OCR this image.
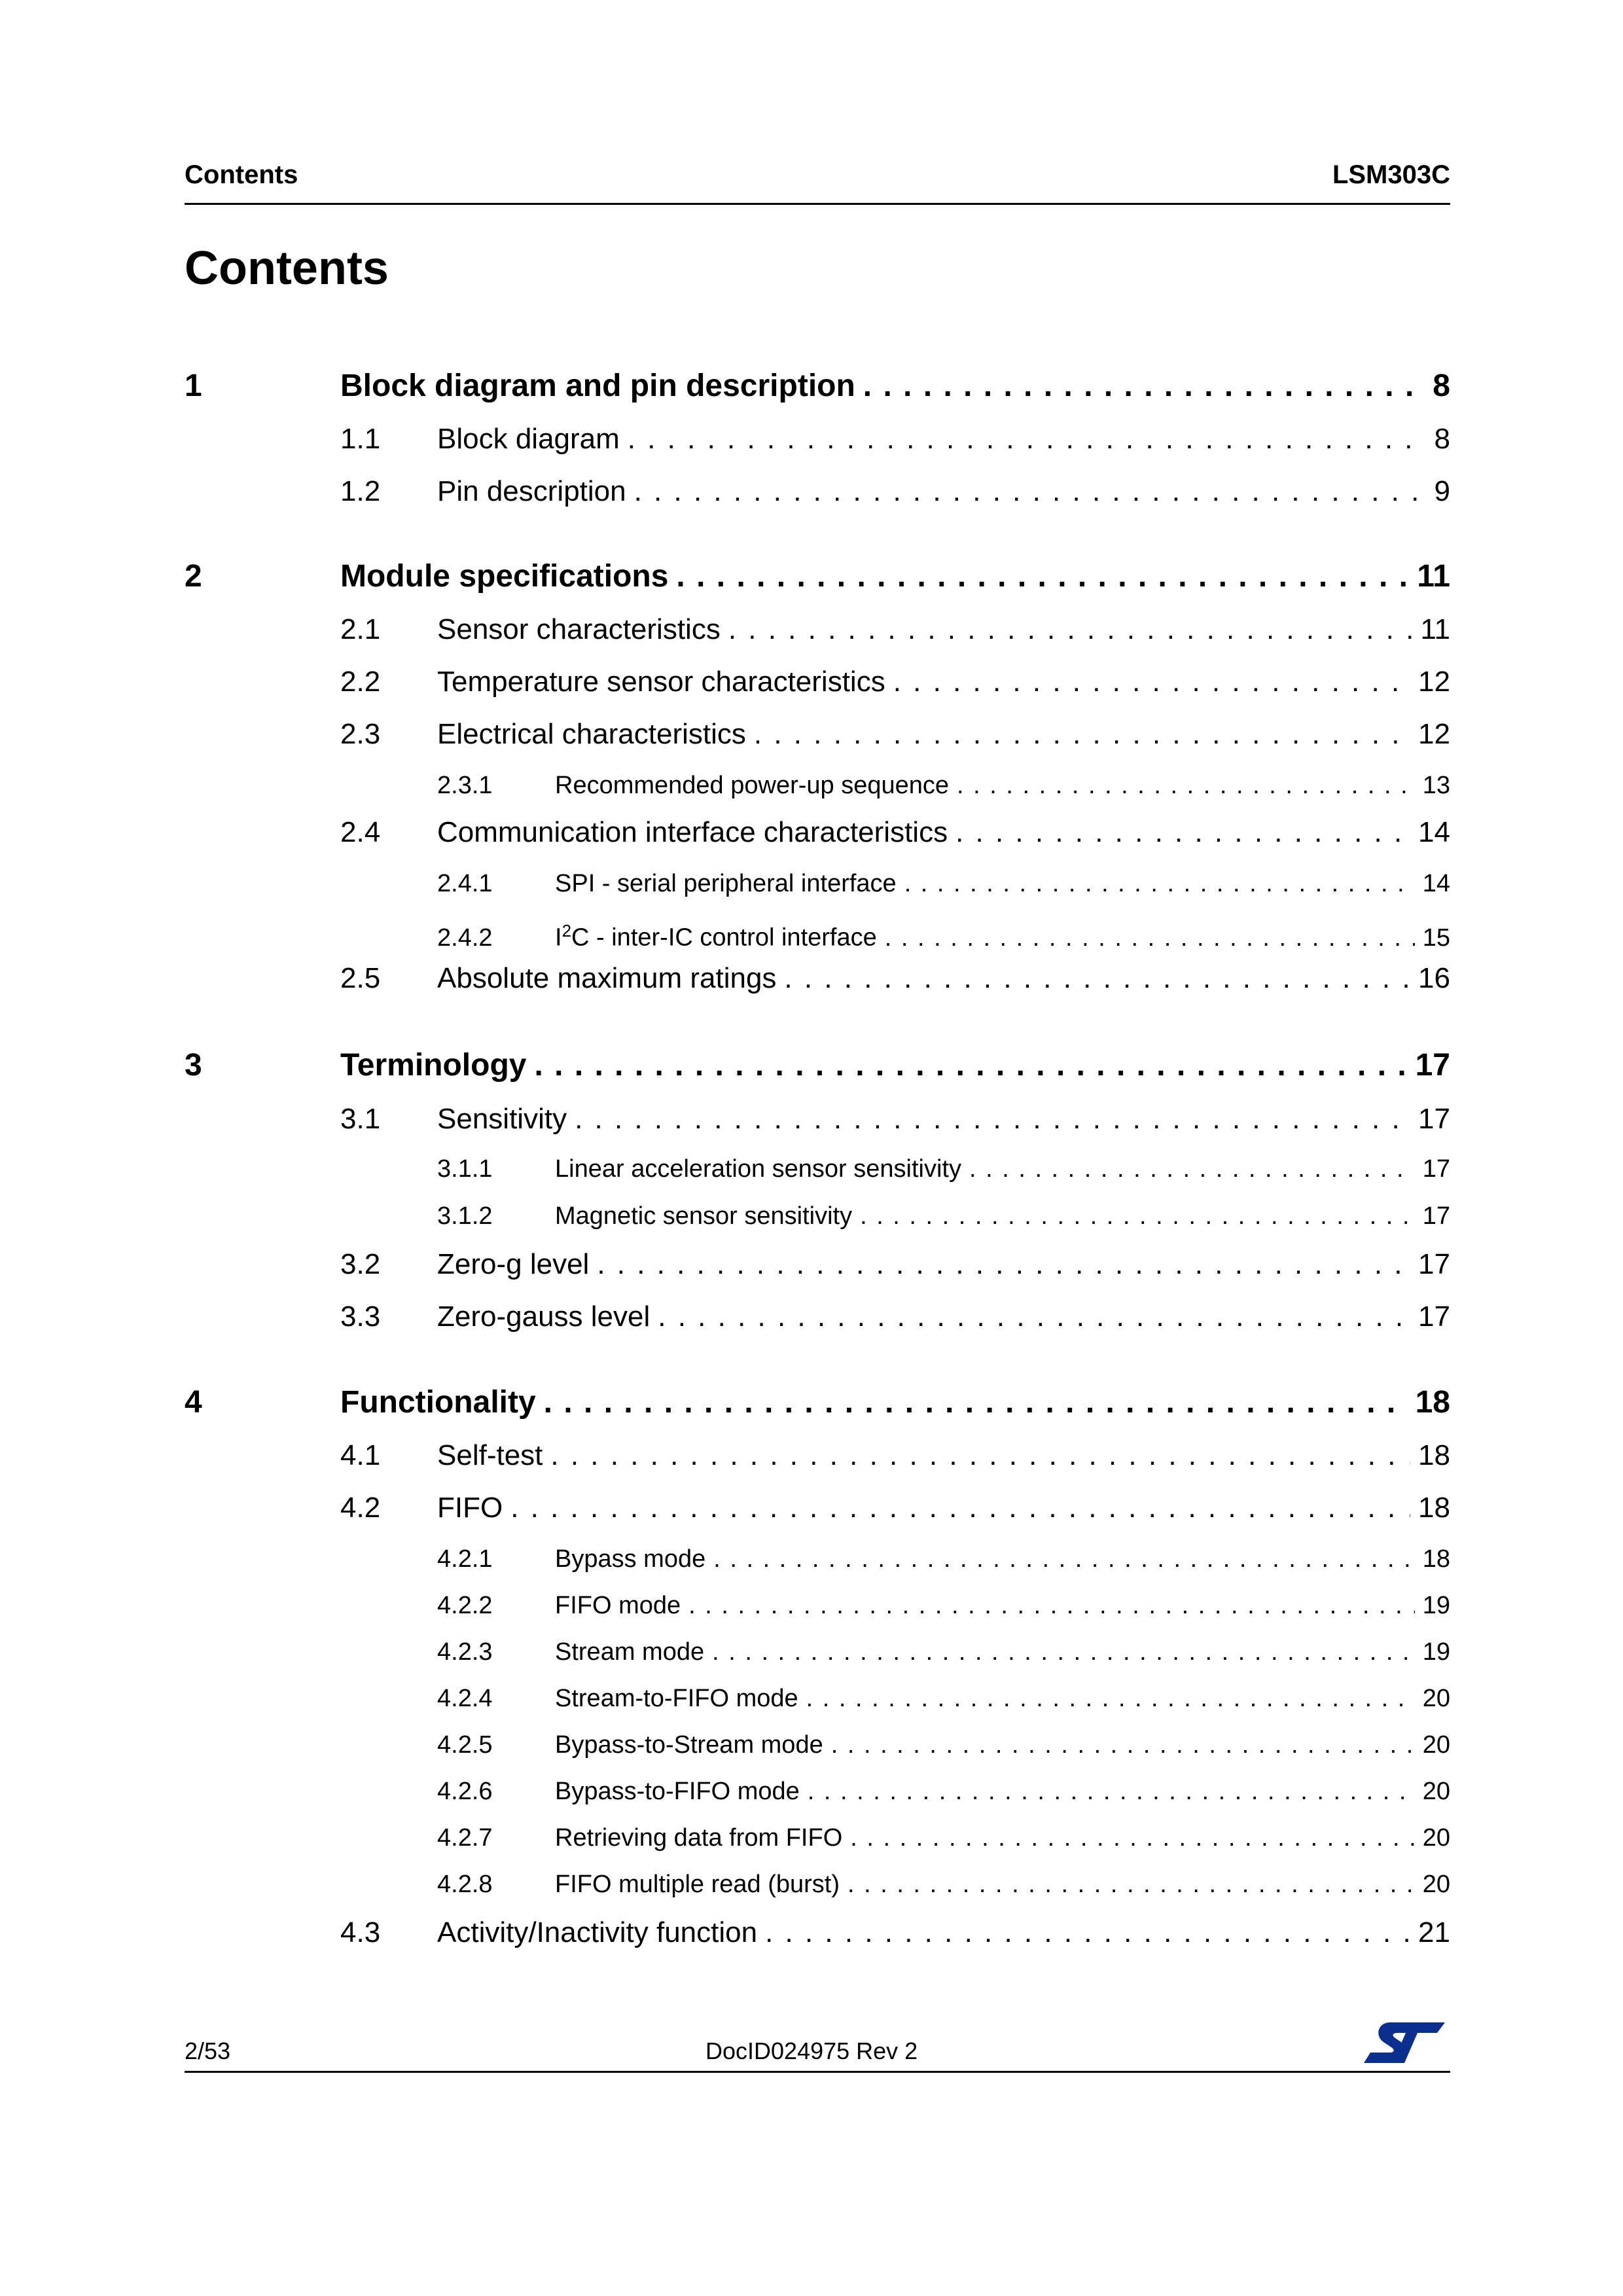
Contents	LSM303C
Contents
1	Block diagram and pin description . . .	8
1.1	Block diagram . . .	8
1.2	Pin description . . .	9
2	Module specifications . . .	11
2.1	Sensor characteristics . . .	11
2.2	Temperature sensor characteristics . . .	12
2.3	Electrical characteristics . . .	12
2.3.1	Recommended power-up sequence . . .	13
2.4	Communication interface characteristics . . .	14
2.4.1	SPI - serial peripheral interface . . .	14
2.4.2	$I^2C$ - inter-IC control interface . . .	15
2.5	Absolute maximum ratings . . .	16
3	Terminology . . .	17
3.1	Sensitivity . . .	17
3.1.1	Linear acceleration sensor sensitivity . . .	17
3.1.2	Magnetic sensor sensitivity . . .	17
3.2	Zero-g level . . .	17
3.3	Zero-gauss level . . .	17
4	Functionality . . .	18
4.1	Self-test . . .	18
4.2	FIFO . . .	18
4.2.1	Bypass mode . . .	18
4.2.2	FIFO mode . . .	19
4.2.3	Stream mode . . .	19
4.2.4	Stream-to-FIFO mode . . .	20
4.2.5	Bypass-to-Stream mode . . .	20
4.2.6	Bypass-to-FIFO mode . . .	20
4.2.7	Retrieving data from FIFO . . .	20
4.2.8	FIFO multiple read (burst) . . .	20
4.3	Activity/Inactivity function . . .	21
2/53	DocID024975 Rev 2
